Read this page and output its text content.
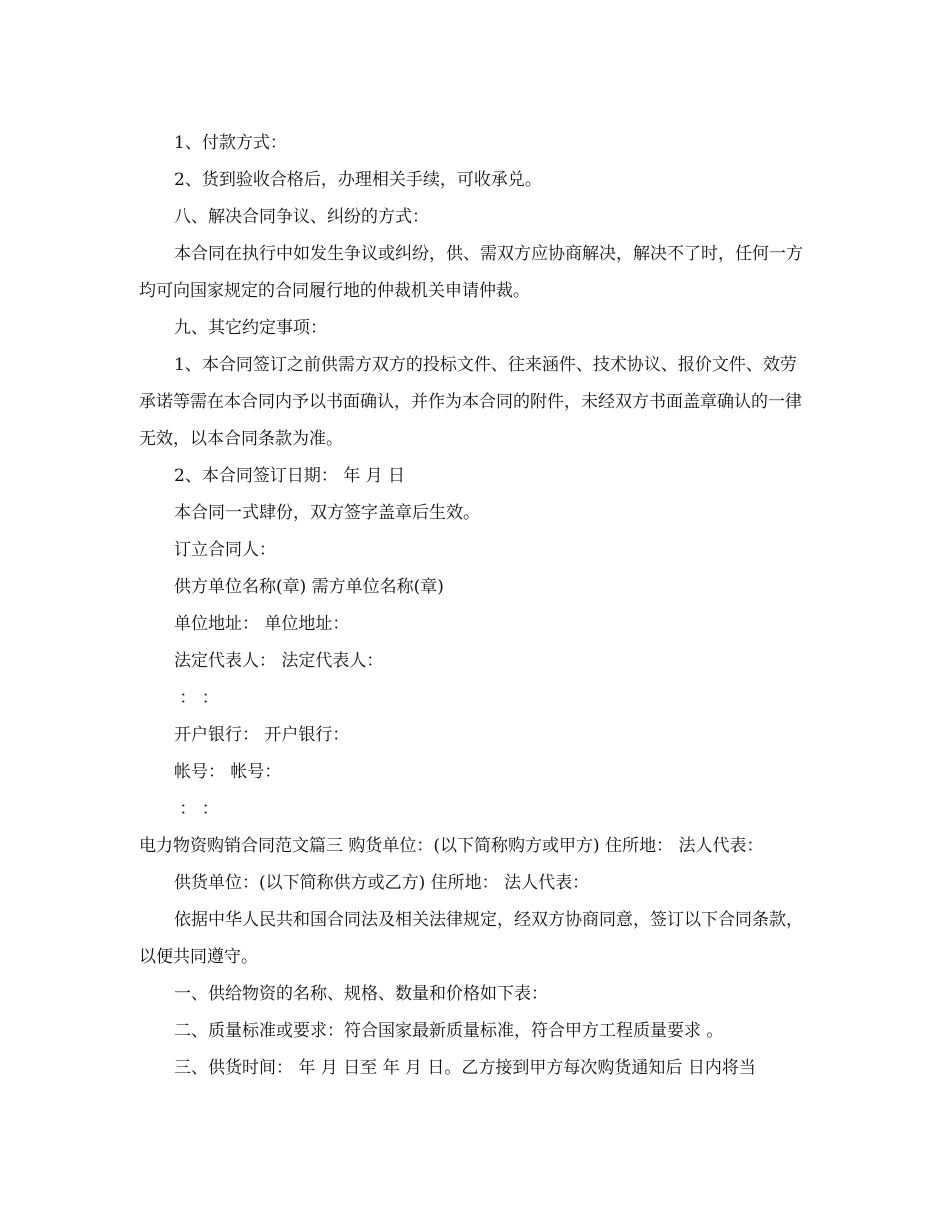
1、付款方式：

2、货到验收合格后，办理相关手续，可收承兑。

八、解决合同争议、纠纷的方式：

本合同在执行中如发生争议或纠纷，供、需双方应协商解决，解决不了时，任何一方均可向国家规定的合同履行地的仲裁机关申请仲裁。

九、其它约定事项：

1、本合同签订之前供需方双方的投标文件、往来涵件、技术协议、报价文件、效劳承诺等需在本合同内予以书面确认，并作为本合同的附件，未经双方书面盖章确认的一律无效，以本合同条款为准。

2、本合同签订日期： 年 月 日

本合同一式肆份，双方签字盖章后生效。

订立合同人：

供方单位名称(章) 需方单位名称(章)

单位地址： 单位地址：

法定代表人： 法定代表人：

： ：

开户银行： 开户银行：

帐号： 帐号：

： ：

电力物资购销合同范文篇三 购货单位：(以下简称购方或甲方) 住所地： 法人代表：

供货单位：(以下简称供方或乙方) 住所地： 法人代表：

依据中华人民共和国合同法及相关法律规定，经双方协商同意，签订以下合同条款，以便共同遵守。

一、供给物资的名称、规格、数量和价格如下表：

二、质量标准或要求：符合国家最新质量标准，符合甲方工程质量要求 。

三、供货时间： 年 月 日至 年 月 日。乙方接到甲方每次购货通知后 日内将当
